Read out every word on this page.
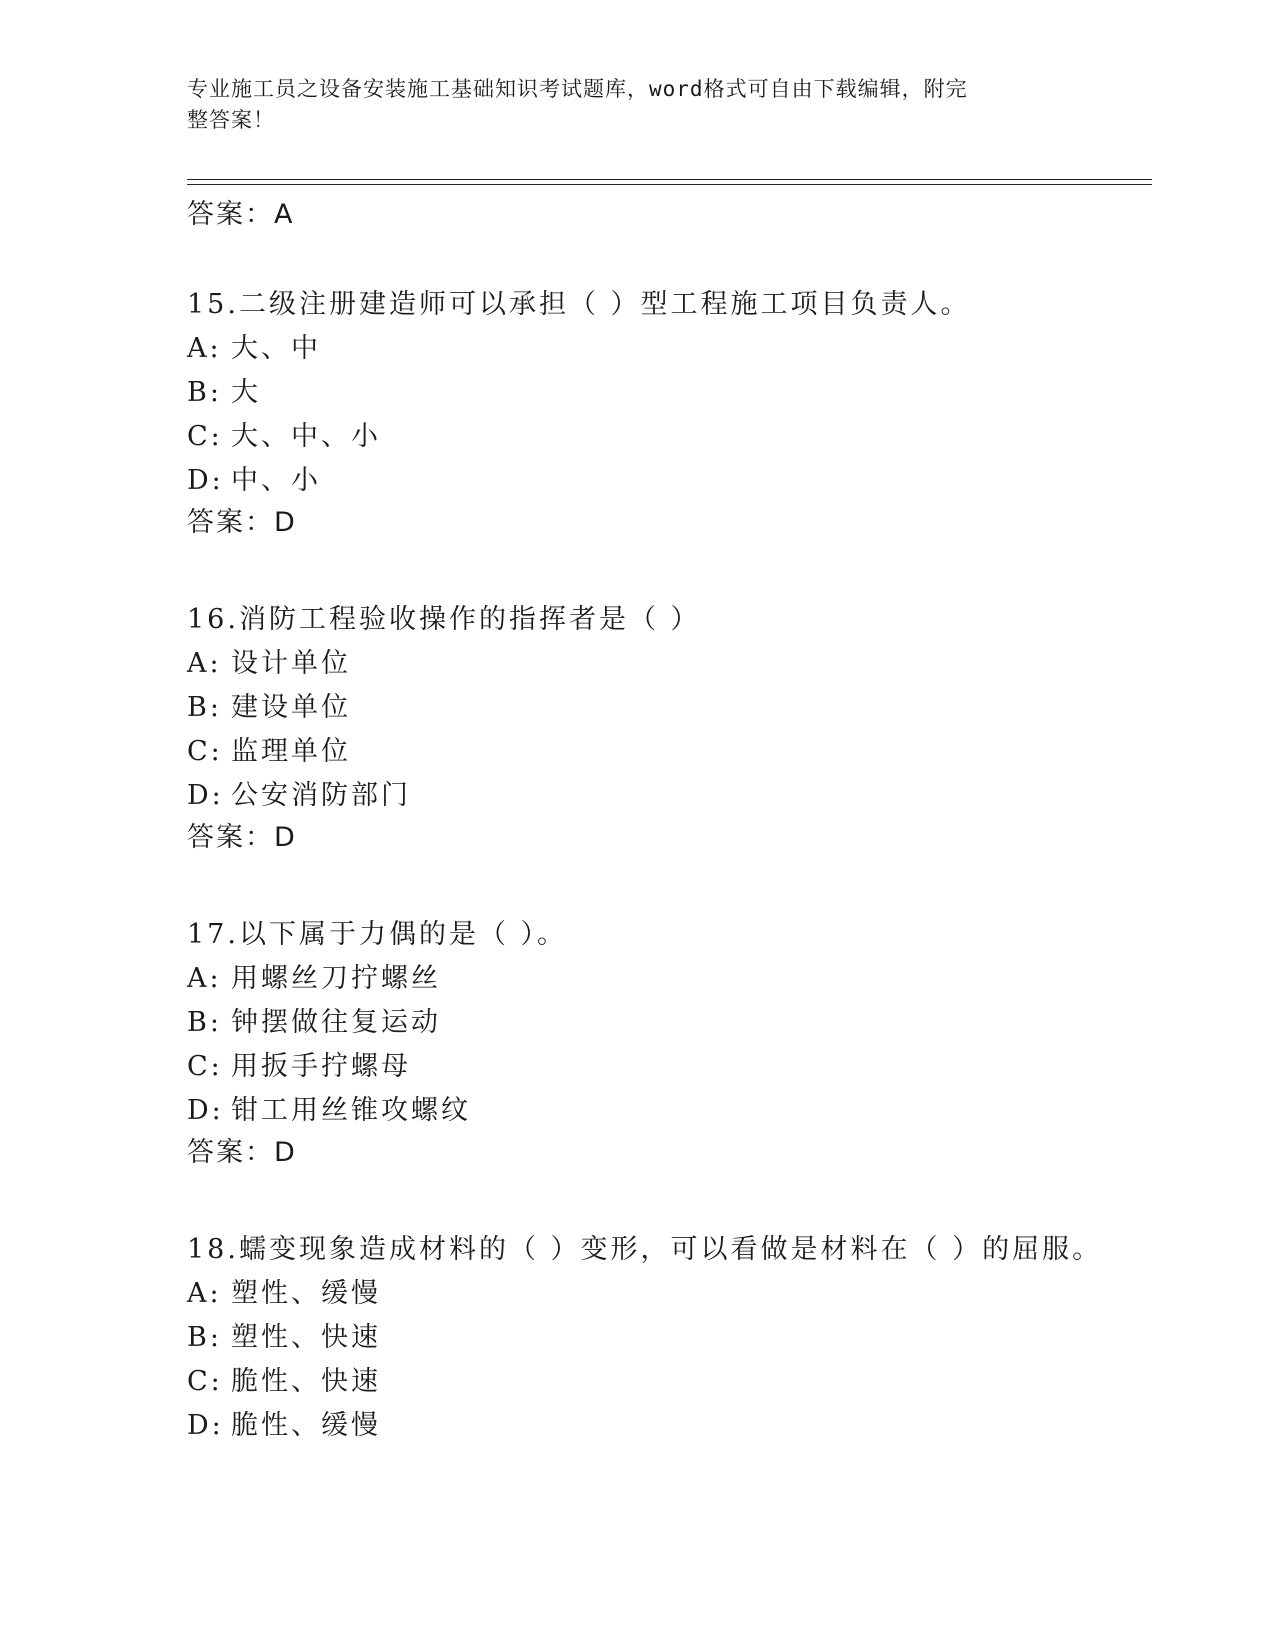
专业施工员之设备安装施工基础知识考试题库，word格式可自由下载编辑，附完
整答案！
答案：A
15.二级注册建造师可以承担（ ）型工程施工项目负责人。
A: 大、中
B: 大
C: 大、中、小
D: 中、小
答案：D
16.消防工程验收操作的指挥者是（ ）
A: 设计单位
B: 建设单位
C: 监理单位
D: 公安消防部门
答案：D
17.以下属于力偶的是（ ）。
A: 用螺丝刀拧螺丝
B: 钟摆做往复运动
C: 用扳手拧螺母
D: 钳工用丝锥攻螺纹
答案：D
18.蠕变现象造成材料的（ ）变形，可以看做是材料在（ ）的屈服。
A: 塑性、缓慢
B: 塑性、快速
C: 脆性、快速
D: 脆性、缓慢
